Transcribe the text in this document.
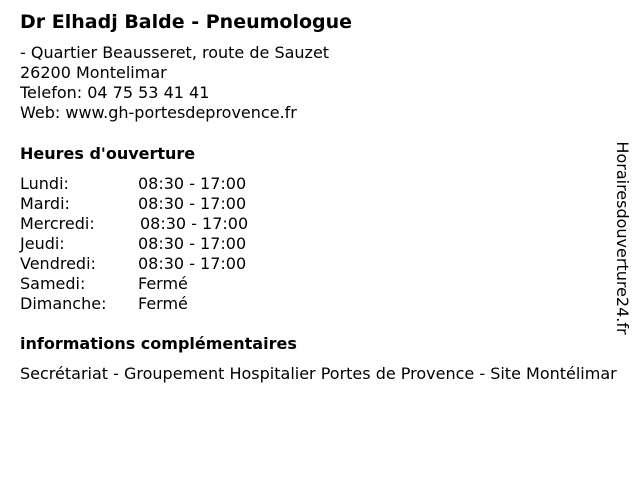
Dr Elhadj Balde - Pneumologue
- Quartier Beausseret, route de Sauzet
26200 Montelimar
Telefon: 04 75 53 41 41
Web: www.gh-portesdeprovence.fr
Heures d'ouverture
Lundi:	08:30 - 17:00
Mardi:	08:30 - 17:00
Mercredi:	08:30 - 17:00
Jeudi:	08:30 - 17:00
Vendredi:	08:30 - 17:00
Samedi:	Fermé
Dimanche: Fermé
informations complémentaires
Secrétariat - Groupement Hospitalier Portes de Provence - Site Montélimar
Horairesdouverture24.fr
